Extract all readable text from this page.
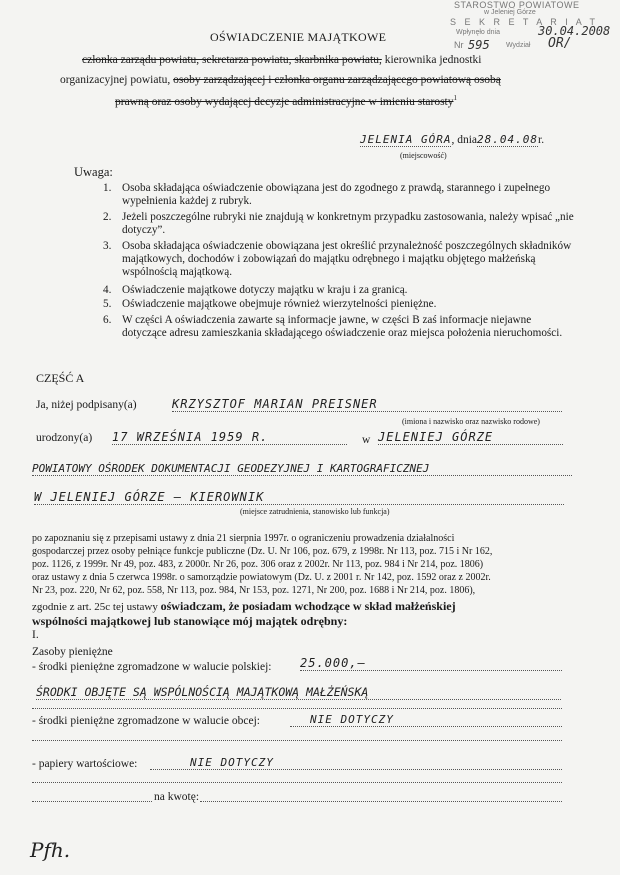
STAROSTWO POWIATOWE
w Jeleniej Górze
S E K R E T A R I A T
Wpłynęło dnia	30.04.2008
Nr 595 Wydział OR/
OŚWIADCZENIE MAJĄTKOWE
członka zarządu powiatu, sekretarza powiatu, skarbnika powiatu, kierownika jednostki
organizacyjnej powiatu, osoby zarządzającej i członka organu zarządzającego powiatową osobą
prawną oraz osoby wydającej decyzje administracyjne w imieniu starosty$^1$
JELENIA GÓRA, dnia28.04.08r.
(miejscowość)
Uwaga:
1. Osoba składająca oświadczenie obowiązana jest do zgodnego z prawdą, starannego i zupełnego wypełnienia każdej z rubryk.
2. Jeżeli poszczególne rubryki nie znajdują w konkretnym przypadku zastosowania, należy wpisać „nie dotyczy”.
3. Osoba składająca oświadczenie obowiązana jest określić przynależność poszczególnych składników majątkowych, dochodów i zobowiązań do majątku odrębnego i majątku objętego małżeńską wspólnością majątkową.
4. Oświadczenie majątkowe dotyczy majątku w kraju i za granicą.
5. Oświadczenie majątkowe obejmuje również wierzytelności pieniężne.
6. W części A oświadczenia zawarte są informacje jawne, w części B zaś informacje niejawne dotyczące adresu zamieszkania składającego oświadczenie oraz miejsca położenia nieruchomości.
CZĘŚĆ A
Ja, niżej podpisany(a)	KRZYSZTOF MARIAN PREISNER
(imiona i nazwisko oraz nazwisko rodowe)
urodzony(a) 17 WRZEŚNIA 1959 R.	w JELENIEJ GÓRZE
POWIATOWY OŚRODEK DOKUMENTACJI GEODEZYJNEJ I KARTOGRAFICZNEJ
W JELENIEJ GÓRZE – KIEROWNIK
(miejsce zatrudnienia, stanowisko lub funkcja)
po zapoznaniu się z przepisami ustawy z dnia 21 sierpnia 1997r. o ograniczeniu prowadzenia działalności
gospodarczej przez osoby pełniące funkcje publiczne (Dz. U. Nr 106, poz. 679, z 1998r. Nr 113, poz. 715 i Nr 162,
poz. 1126, z 1999r. Nr 49, poz. 483, z 2000r. Nr 26, poz. 306 oraz z 2002r. Nr 113, poz. 984 i Nr 214, poz. 1806)
oraz ustawy z dnia 5 czerwca 1998r. o samorządzie powiatowym (Dz. U. z 2001 r. Nr 142, poz. 1592 oraz z 2002r.
Nr 23, poz. 220, Nr 62, poz. 558, Nr 113, poz. 984, Nr 153, poz. 1271, Nr 200, poz. 1688 i Nr 214, poz. 1806),
zgodnie z art. 25c tej ustawy oświadczam, że posiadam wchodzące w skład małżeńskiej
wspólności majątkowej lub stanowiące mój majątek odrębny:
I.
Zasoby pieniężne
- środki pieniężne zgromadzone w walucie polskiej: 25.000,–
ŚRODKI OBJĘTE SĄ WSPÓLNOŚCIĄ MAJĄTKOWĄ MAŁŻEŃSKĄ
- środki pieniężne zgromadzone w walucie obcej:	NIE DOTYCZY
- papiery wartościowe:	NIE DOTYCZY
na kwotę:
Pfh.
